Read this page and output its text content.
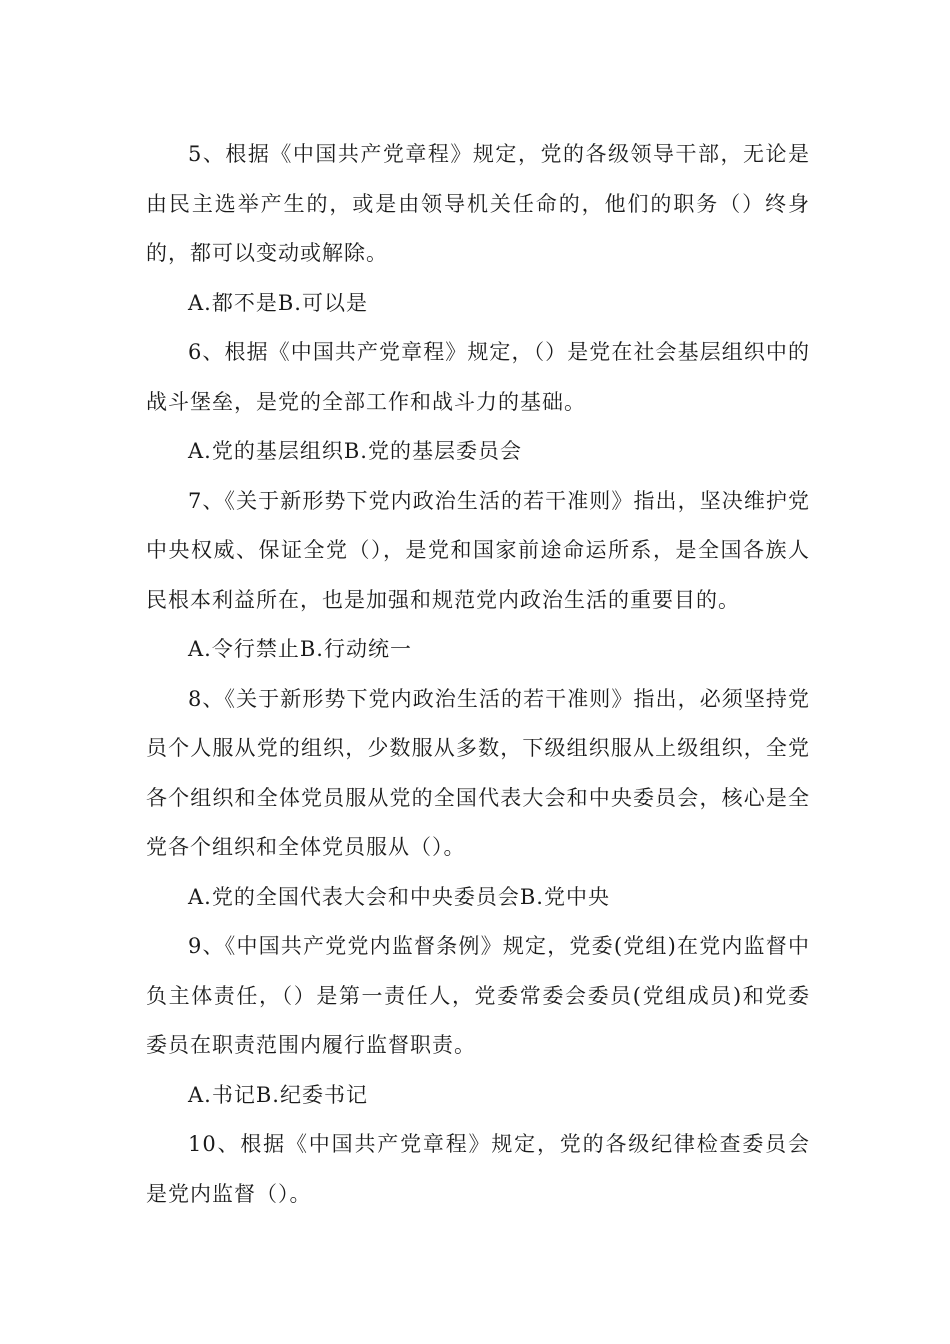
5、根据《中国共产党章程》规定，党的各级领导干部，无论是由民主选举产生的，或是由领导机关任命的，他们的职务（）终身的，都可以变动或解除。

A.都不是B.可以是

6、根据《中国共产党章程》规定，（）是党在社会基层组织中的战斗堡垒，是党的全部工作和战斗力的基础。

A.党的基层组织B.党的基层委员会

7、《关于新形势下党内政治生活的若干准则》指出，坚决维护党中央权威、保证全党（），是党和国家前途命运所系，是全国各族人民根本利益所在，也是加强和规范党内政治生活的重要目的。

A.令行禁止B.行动统一

8、《关于新形势下党内政治生活的若干准则》指出，必须坚持党员个人服从党的组织，少数服从多数，下级组织服从上级组织，全党各个组织和全体党员服从党的全国代表大会和中央委员会，核心是全党各个组织和全体党员服从（）。

A.党的全国代表大会和中央委员会B.党中央

9、《中国共产党党内监督条例》规定，党委(党组)在党内监督中负主体责任，（）是第一责任人，党委常委会委员(党组成员)和党委委员在职责范围内履行监督职责。

A.书记B.纪委书记

10、根据《中国共产党章程》规定，党的各级纪律检查委员会是党内监督（）。
